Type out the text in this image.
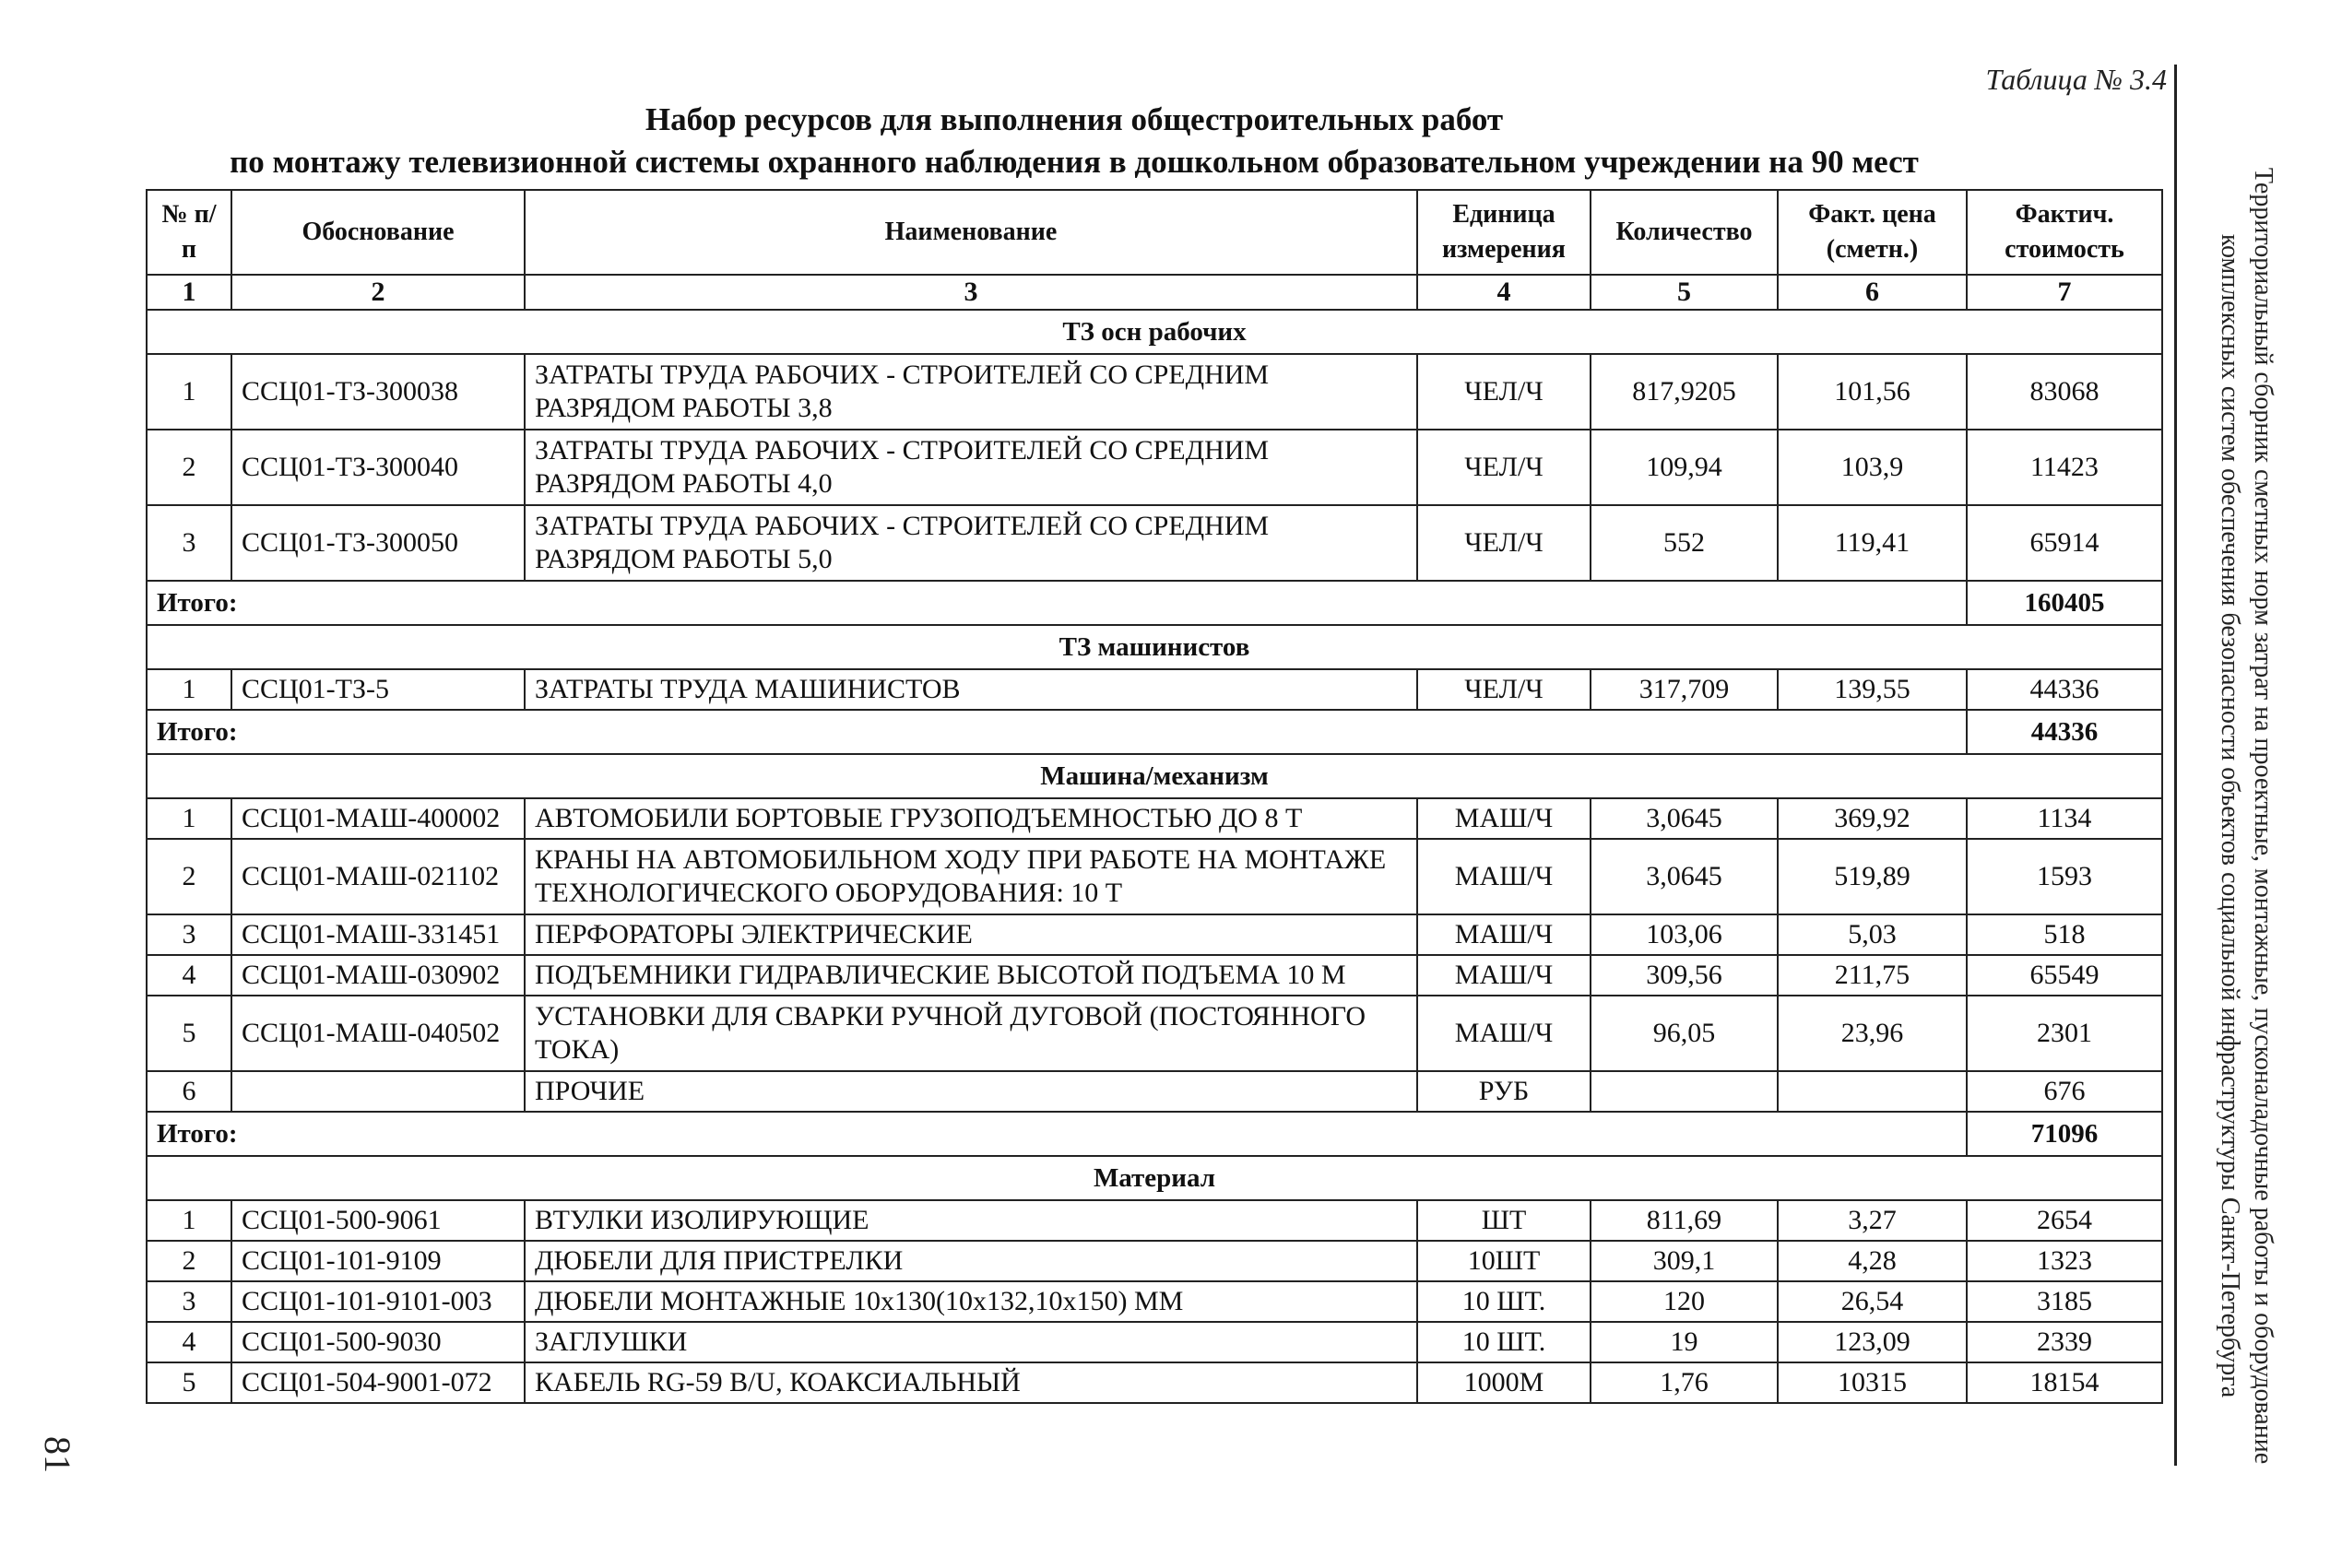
Таблица № 3.4
Набор ресурсов для выполнения общестроительных работ
по монтажу телевизионной системы охранного наблюдения в дошкольном образовательном учреждении на 90 мест
Территориальный сборник сметных норм затрат на проектные, монтажные, пусконаладочные работы и оборудование комплексных систем обеспечения безопасности объектов социальной инфраструктуры Санкт-Петербурга
81
№ п/п	Обоснование	Наименование	Единица измерения	Количество	Факт. цена (сметн.)	Фактич. стоимость
1	2	3	4	5	6	7
ТЗ осн рабочих						
1	ССЦ01-ТЗ-300038	ЗАТРАТЫ ТРУДА РАБОЧИХ - СТРОИТЕЛЕЙ СО СРЕДНИМ РАЗРЯДОМ РАБОТЫ 3,8	ЧЕЛ/Ч	817,9205	101,56	83068
2	ССЦ01-ТЗ-300040	ЗАТРАТЫ ТРУДА РАБОЧИХ - СТРОИТЕЛЕЙ СО СРЕДНИМ РАЗРЯДОМ РАБОТЫ 4,0	ЧЕЛ/Ч	109,94	103,9	11423
3	ССЦ01-ТЗ-300050	ЗАТРАТЫ ТРУДА РАБОЧИХ - СТРОИТЕЛЕЙ СО СРЕДНИМ РАЗРЯДОМ РАБОТЫ 5,0	ЧЕЛ/Ч	552	119,41	65914
Итого:						160405
ТЗ машинистов						
1	ССЦ01-ТЗ-5	ЗАТРАТЫ ТРУДА МАШИНИСТОВ	ЧЕЛ/Ч	317,709	139,55	44336
Итого:						44336
Машина/механизм						
1	ССЦ01-МАШ-400002	АВТОМОБИЛИ БОРТОВЫЕ ГРУЗОПОДЪЕМНОСТЬЮ ДО 8 Т	МАШ/Ч	3,0645	369,92	1134
2	ССЦ01-МАШ-021102	КРАНЫ НА АВТОМОБИЛЬНОМ ХОДУ ПРИ РАБОТЕ НА МОНТАЖЕ ТЕХНОЛОГИЧЕСКОГО ОБОРУДОВАНИЯ: 10 Т	МАШ/Ч	3,0645	519,89	1593
3	ССЦ01-МАШ-331451	ПЕРФОРАТОРЫ ЭЛЕКТРИЧЕСКИЕ	МАШ/Ч	103,06	5,03	518
4	ССЦ01-МАШ-030902	ПОДЪЕМНИКИ ГИДРАВЛИЧЕСКИЕ ВЫСОТОЙ ПОДЪЕМА 10 М	МАШ/Ч	309,56	211,75	65549
5	ССЦ01-МАШ-040502	УСТАНОВКИ ДЛЯ СВАРКИ РУЧНОЙ ДУГОВОЙ (ПОСТОЯННОГО ТОКА)	МАШ/Ч	96,05	23,96	2301
6		ПРОЧИЕ	РУБ			676
Итого:						71096
Материал						
1	ССЦ01-500-9061	ВТУЛКИ ИЗОЛИРУЮЩИЕ	ШТ	811,69	3,27	2654
2	ССЦ01-101-9109	ДЮБЕЛИ ДЛЯ ПРИСТРЕЛКИ	10ШТ	309,1	4,28	1323
3	ССЦ01-101-9101-003	ДЮБЕЛИ МОНТАЖНЫЕ 10х130(10х132,10х150) ММ	10 ШТ.	120	26,54	3185
4	ССЦ01-500-9030	ЗАГЛУШКИ	10 ШТ.	19	123,09	2339
5	ССЦ01-504-9001-072	КАБЕЛЬ RG-59 B/U, КОАКСИАЛЬНЫЙ	1000М	1,76	10315	18154
